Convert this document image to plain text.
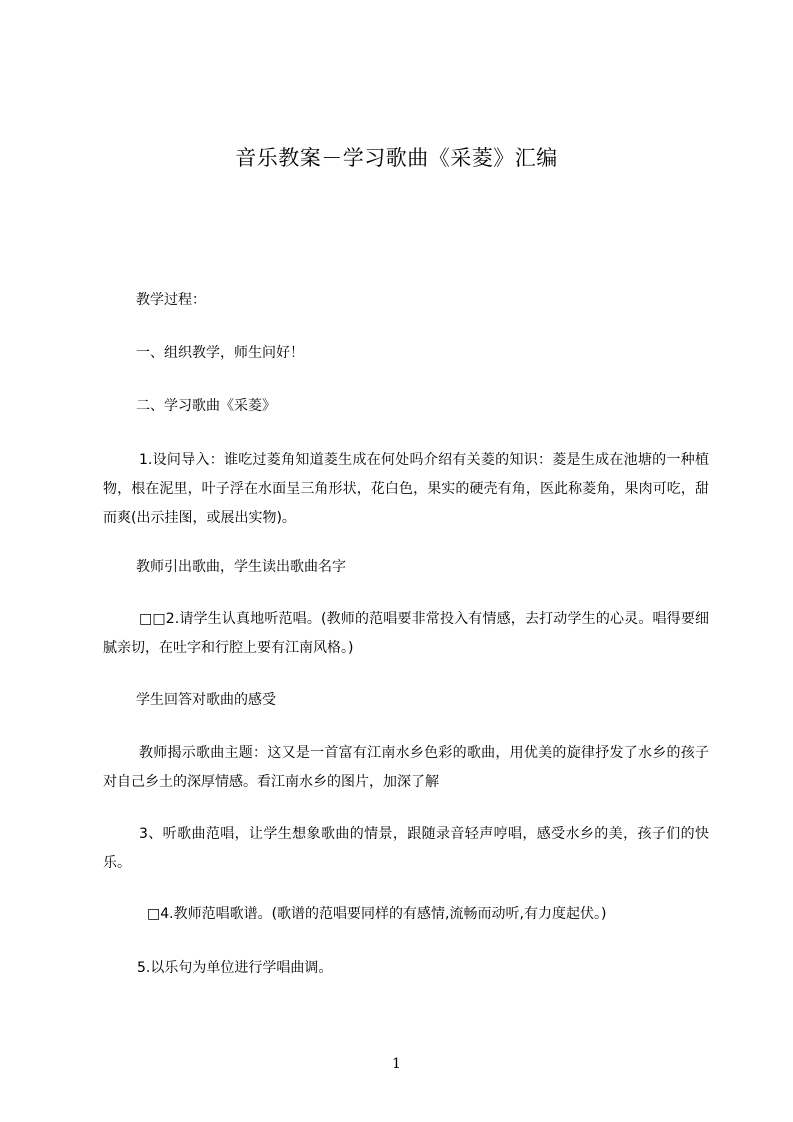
音乐教案－学习歌曲《采菱》汇编

教学过程：

一、组织教学，师生问好！

二、学习歌曲《采菱》

1.设问导入：谁吃过菱角知道菱生成在何处吗介绍有关菱的知识：菱是生成在池塘的一种植物，根在泥里，叶子浮在水面呈三角形状，花白色，果实的硬壳有角，医此称菱角，果肉可吃，甜而爽(出示挂图，或展出实物)。

教师引出歌曲，学生读出歌曲名字

□□2.请学生认真地听范唱。(教师的范唱要非常投入有情感，去打动学生的心灵。唱得要细腻亲切，在吐字和行腔上要有江南风格。)

学生回答对歌曲的感受

教师揭示歌曲主题：这又是一首富有江南水乡色彩的歌曲，用优美的旋律抒发了水乡的孩子对自己乡土的深厚情感。看江南水乡的图片，加深了解

3、听歌曲范唱，让学生想象歌曲的情景，跟随录音轻声哼唱，感受水乡的美，孩子们的快乐。

□4.教师范唱歌谱。(歌谱的范唱要同样的有感情,流畅而动听,有力度起伏。)

5.以乐句为单位进行学唱曲调。

1
